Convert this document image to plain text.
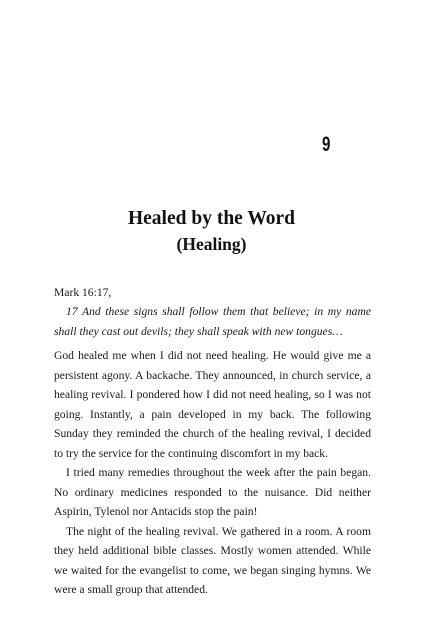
9
Healed by the Word
(Healing)
Mark 16:17,
17 And these signs shall follow them that believe; in my name shall they cast out devils; they shall speak with new tongues…

God healed me when I did not need healing. He would give me a persistent agony. A backache. They announced, in church service, a healing revival. I pondered how I did not need healing, so I was not going. Instantly, a pain developed in my back. The following Sunday they reminded the church of the healing revival, I decided to try the service for the continuing discomfort in my back.

I tried many remedies throughout the week after the pain began. No ordinary medicines responded to the nuisance. Did neither Aspirin, Tylenol nor Antacids stop the pain!

The night of the healing revival. We gathered in a room. A room they held additional bible classes. Mostly women attended. While we waited for the evangelist to come, we began singing hymns. We were a small group that attended.
